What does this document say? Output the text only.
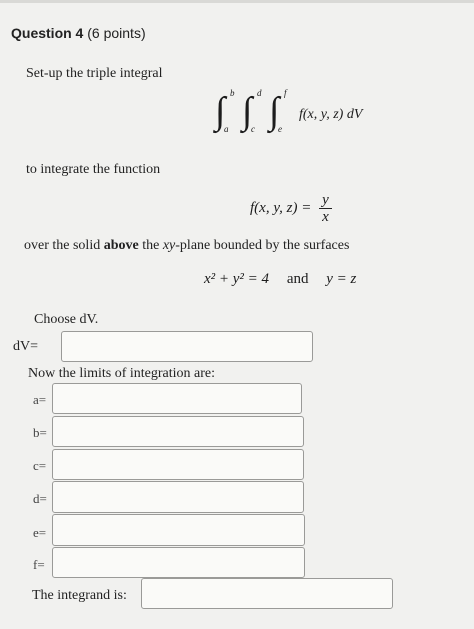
Question 4 (6 points)
Set-up the triple integral
∫ b
a ∫ d
c ∫ f
e
f(x, y, z) dV
to integrate the function
f(x, y, $z) = \frac{y}{x}$
over the solid above the xy-plane bounded by the surfaces
x² + y² = 4 and y = z
Choose dV.
dV=
Now the limits of integration are:
a=
b=
c=
d=
e=
f=
The integrand is:
